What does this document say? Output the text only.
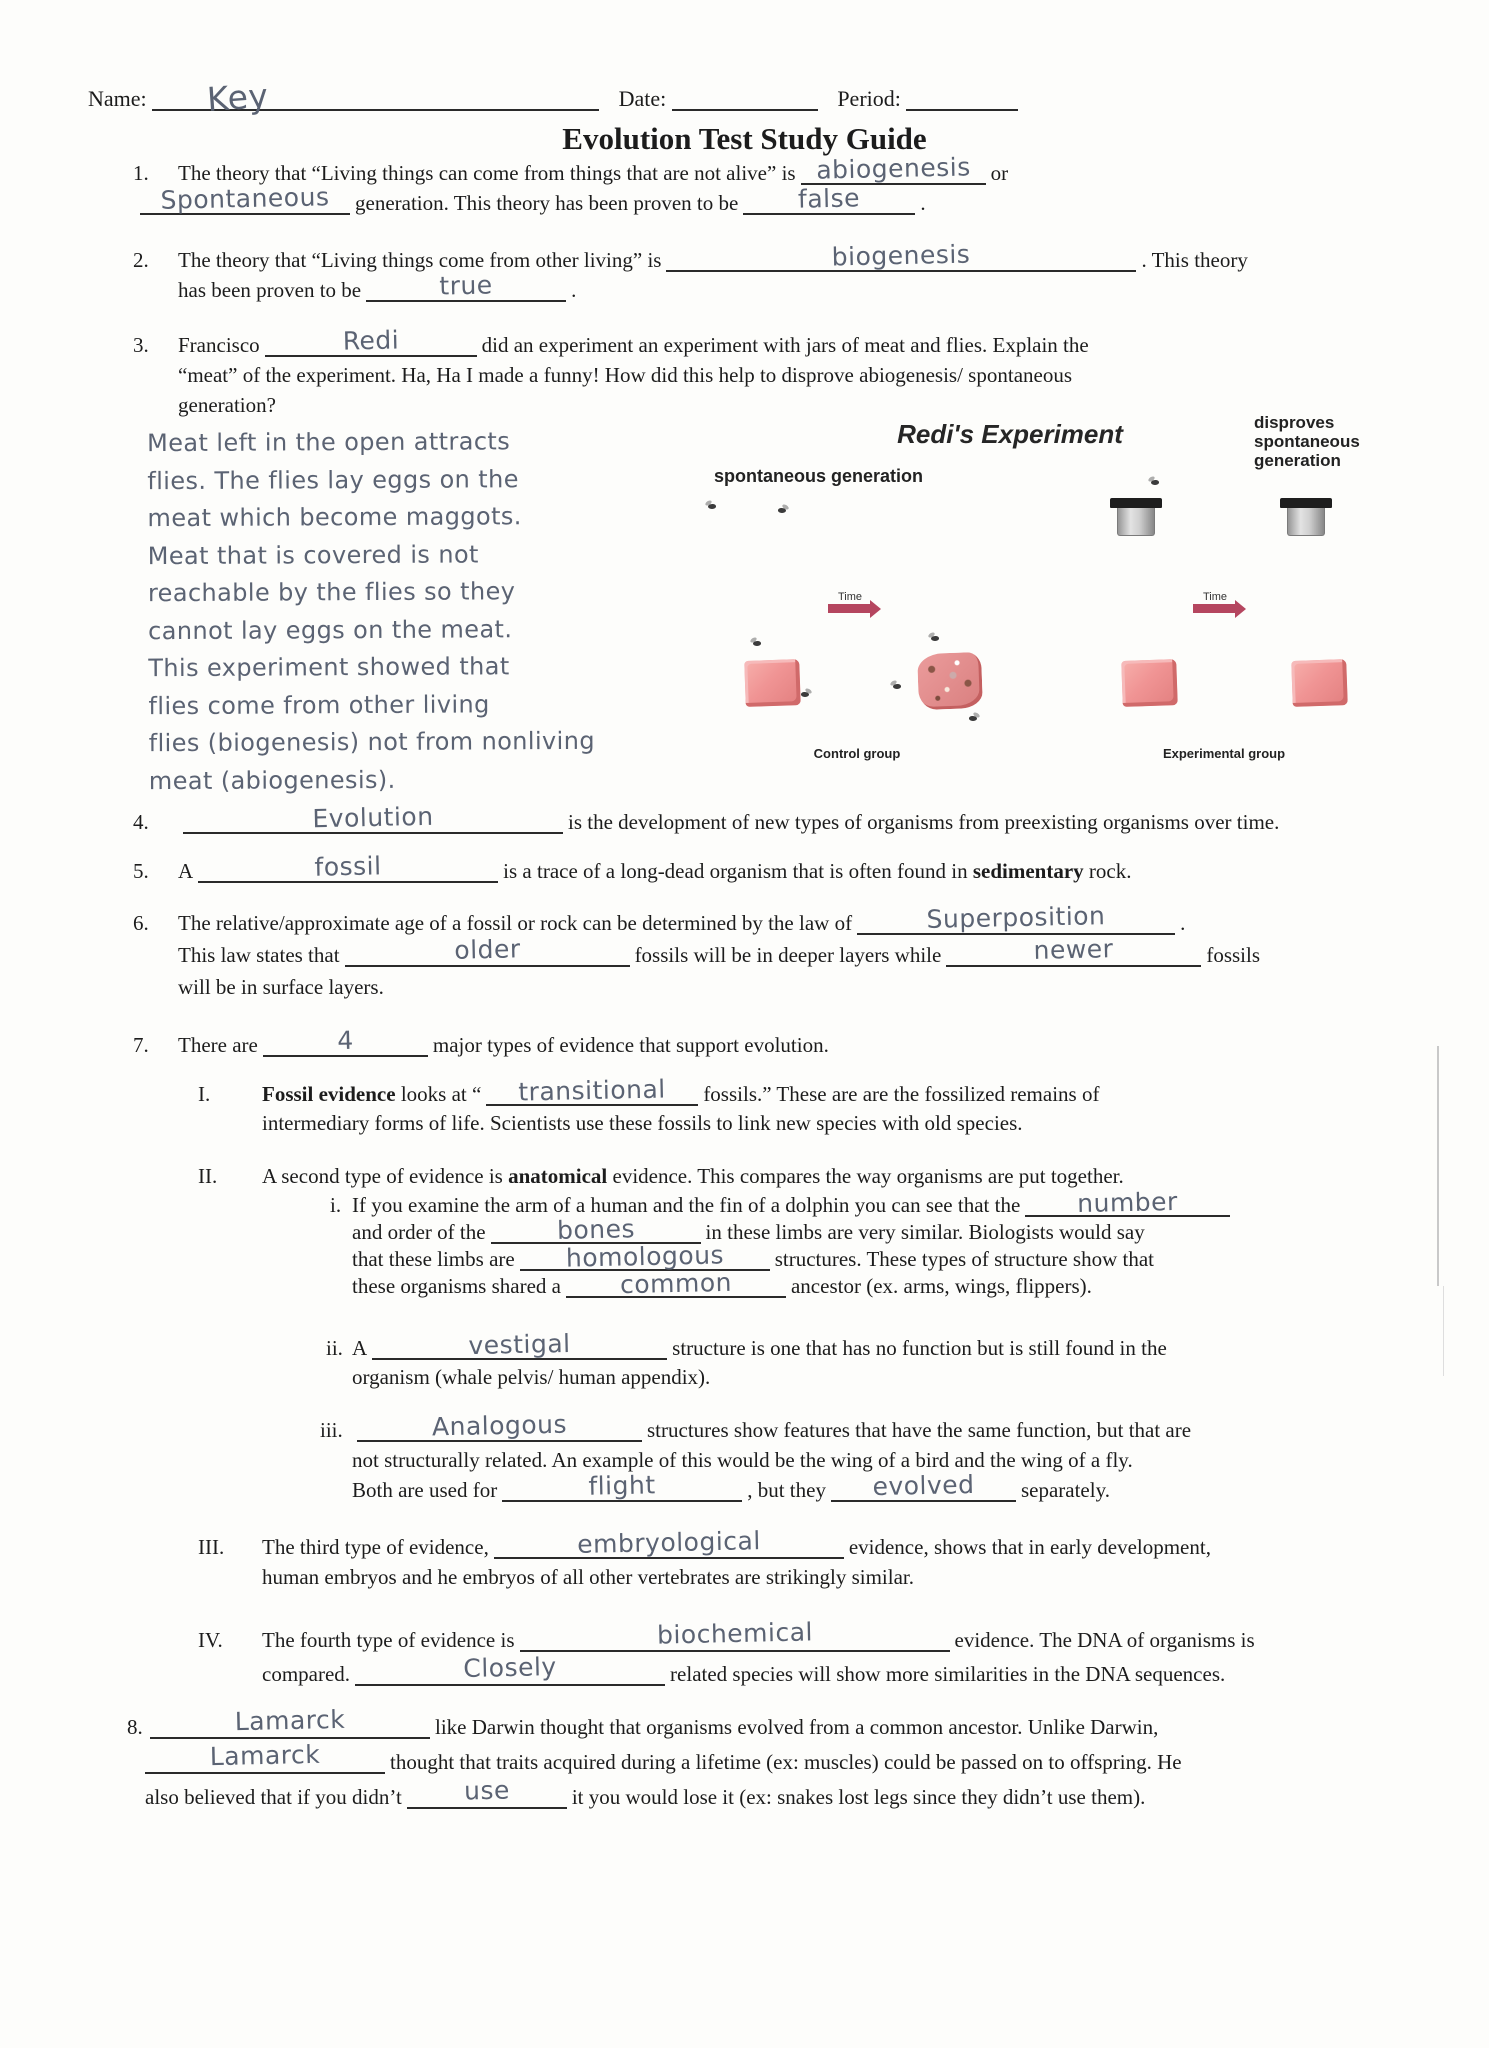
Name: Key	Date:	Period:
Evolution Test Study Guide
1. The theory that “Living things can come from things that are not alive” is abiogenesis or
Spontaneous	generation. This theory has been proven to be	false	.
2. The theory that “Living things come from other living” is	biogenesis	. This theory
has been proven to be	true	.
3. Francisco	Redi	did an experiment an experiment with jars of meat and flies. Explain the
“meat” of the experiment. Ha, Ha I made a funny! How did this help to disprove abiogenesis/ spontaneous
generation?
Meat left in the open attracts
flies. The flies lay eggs on the
meat which become maggots.
Meat that is covered is not
reachable by the flies so they
cannot lay eggs on the meat.
This experiment showed that
flies come from other living
flies (biogenesis) not from nonliving
meat (abiogenesis).
Redi's Experiment	disproves
spontaneous
generation
spontaneous generation
Time	Time
Control group	Experimental group
4.	Evolution	is the development of new types of organisms from preexisting organisms over time.
5. A	fossil	is a trace of a long-dead organism that is often found in sedimentary rock.
6. The relative/approximate age of a fossil or rock can be determined by the law of	Superposition	.
This law states that	older	fossils will be in deeper layers while	newer	fossils
will be in surface layers.
7. There are	4	major types of evidence that support evolution.
I. Fossil evidence looks at “	transitional	fossils.” These are are the fossilized remains of
intermediary forms of life. Scientists use these fossils to link new species with old species.
II. A second type of evidence is anatomical evidence. This compares the way organisms are put together.
i. If you examine the arm of a human and the fin of a dolphin you can see that the	number
and order of the	bones	in these limbs are very similar. Biologists would say
that these limbs are	homologous	structures. These types of structure show that
these organisms shared a	common	ancestor (ex. arms, wings, flippers).
ii. A	vestigal	structure is one that has no function but is still found in the
organism (whale pelvis/ human appendix).
iii.	Analogous	structures show features that have the same function, but that are
not structurally related. An example of this would be the wing of a bird and the wing of a fly.
Both are used for	flight	, but they	evolved	separately.
III. The third type of evidence,	embryological	evidence, shows that in early development,
human embryos and he embryos of all other vertebrates are strikingly similar.
IV. The fourth type of evidence is	biochemical	evidence. The DNA of organisms is
compared.	Closely	related species will show more similarities in the DNA sequences.
8.	Lamarck	like Darwin thought that organisms evolved from a common ancestor. Unlike Darwin,
Lamarck	thought that traits acquired during a lifetime (ex: muscles) could be passed on to offspring. He
also believed that if you didn’t	use	it you would lose it (ex: snakes lost legs since they didn’t use them).
